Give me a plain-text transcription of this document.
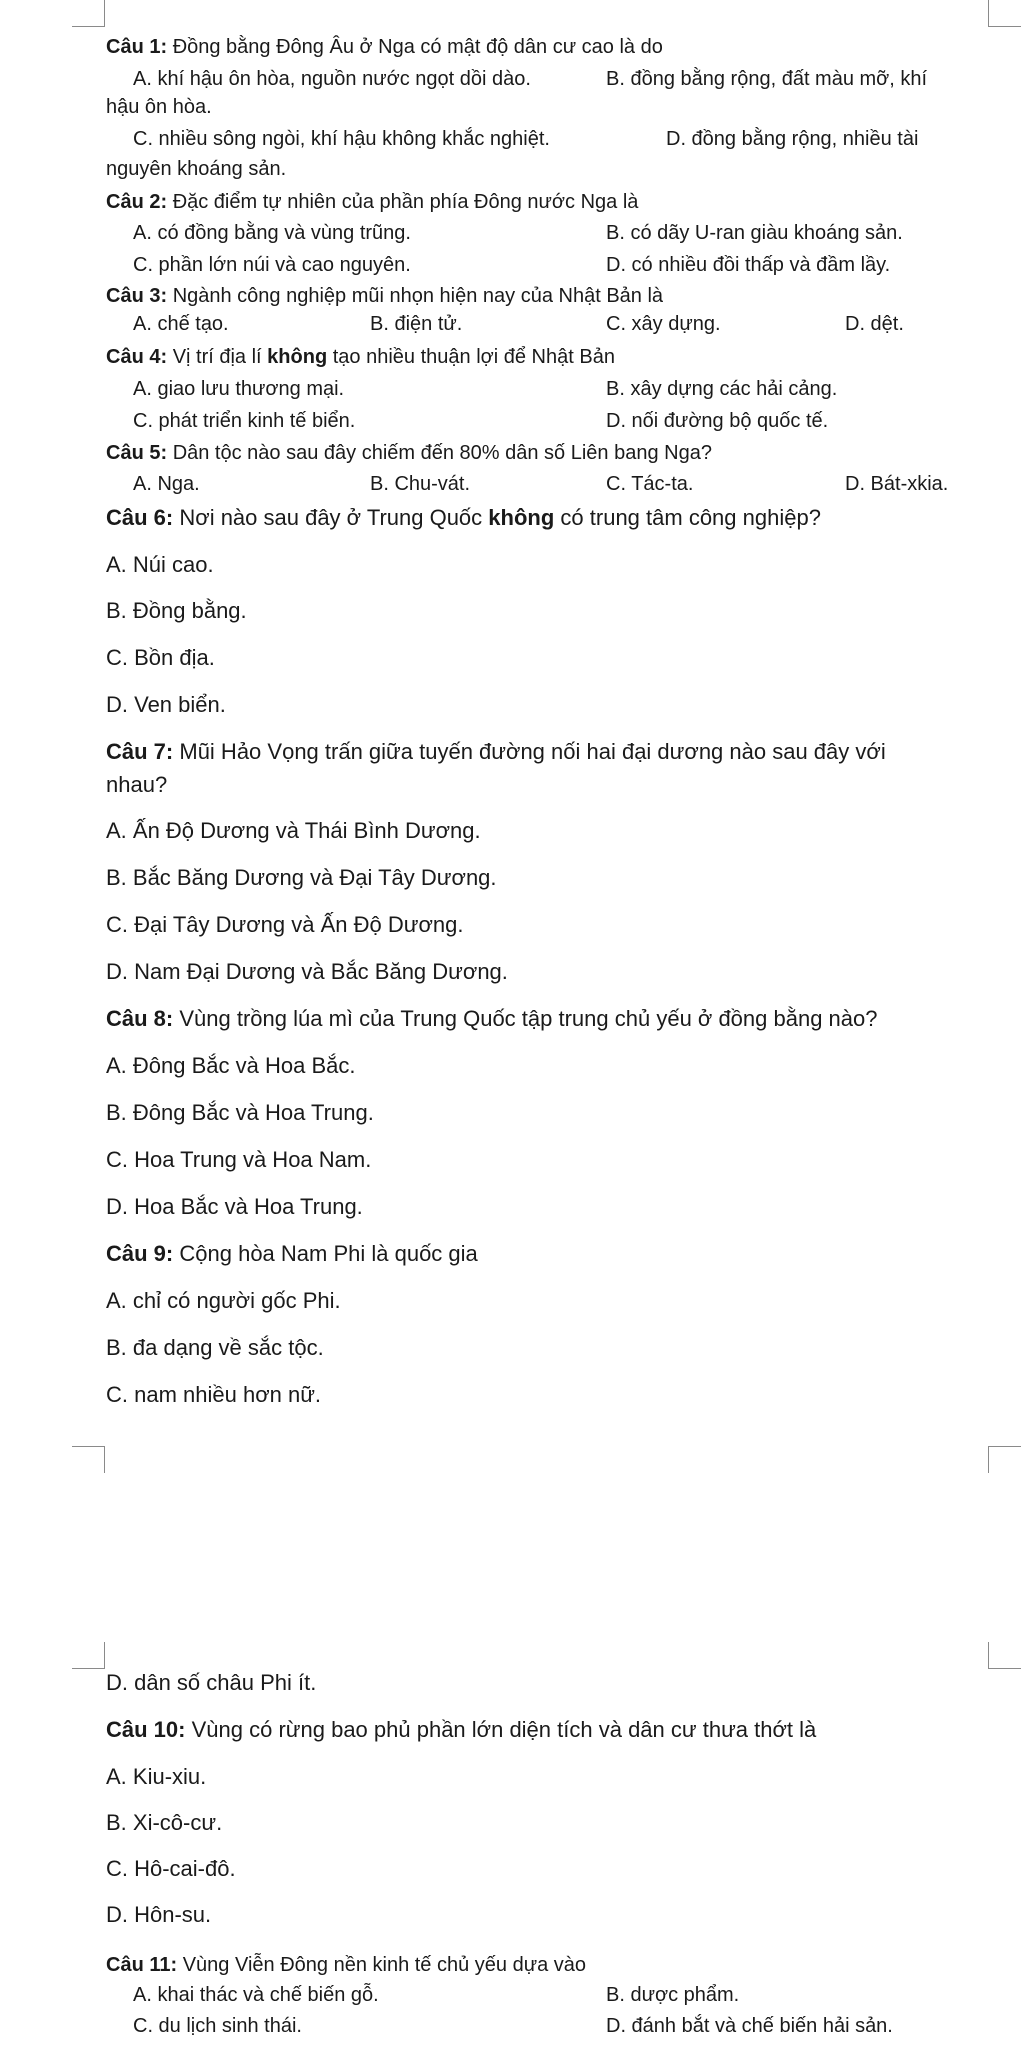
Câu 1: Đồng bằng Đông Âu ở Nga có mật độ dân cư cao là do
A. khí hậu ôn hòa, nguồn nước ngọt dồi dào.	B. đồng bằng rộng, đất màu mỡ, khí
hậu ôn hòa.
C. nhiều sông ngòi, khí hậu không khắc nghiệt.	D. đồng bằng rộng, nhiều tài
nguyên khoáng sản.
Câu 2: Đặc điểm tự nhiên của phần phía Đông nước Nga là
A. có đồng bằng và vùng trũng.	B. có dãy U-ran giàu khoáng sản.
C. phần lớn núi và cao nguyên.	D. có nhiều đồi thấp và đầm lầy.
Câu 3: Ngành công nghiệp mũi nhọn hiện nay của Nhật Bản là
A. chế tạo.	B. điện tử.	C. xây dựng.	D. dệt.
Câu 4: Vị trí địa lí không tạo nhiều thuận lợi để Nhật Bản
A. giao lưu thương mại.	B. xây dựng các hải cảng.
C. phát triển kinh tế biển.	D. nối đường bộ quốc tế.
Câu 5: Dân tộc nào sau đây chiếm đến 80% dân số Liên bang Nga?
A. Nga.	B. Chu-vát.	C. Tác-ta.	D. Bát-xkia.
Câu 6: Nơi nào sau đây ở Trung Quốc không có trung tâm công nghiệp?
A. Núi cao.
B. Đồng bằng.
C. Bồn địa.
D. Ven biển.
Câu 7: Mũi Hảo Vọng trấn giữa tuyến đường nối hai đại dương nào sau đây với
nhau?
A. Ấn Độ Dương và Thái Bình Dương.
B. Bắc Băng Dương và Đại Tây Dương.
C. Đại Tây Dương và Ấn Độ Dương.
D. Nam Đại Dương và Bắc Băng Dương.
Câu 8: Vùng trồng lúa mì của Trung Quốc tập trung chủ yếu ở đồng bằng nào?
A. Đông Bắc và Hoa Bắc.
B. Đông Bắc và Hoa Trung.
C. Hoa Trung và Hoa Nam.
D. Hoa Bắc và Hoa Trung.
Câu 9: Cộng hòa Nam Phi là quốc gia
A. chỉ có người gốc Phi.
B. đa dạng về sắc tộc.
C. nam nhiều hơn nữ.
D. dân số châu Phi ít.
Câu 10: Vùng có rừng bao phủ phần lớn diện tích và dân cư thưa thớt là
A. Kiu-xiu.
B. Xi-cô-cư.
C. Hô-cai-đô.
D. Hôn-su.
Câu 11: Vùng Viễn Đông nền kinh tế chủ yếu dựa vào
A. khai thác và chế biến gỗ.	B. dược phẩm.
C. du lịch sinh thái.	D. đánh bắt và chế biến hải sản.
